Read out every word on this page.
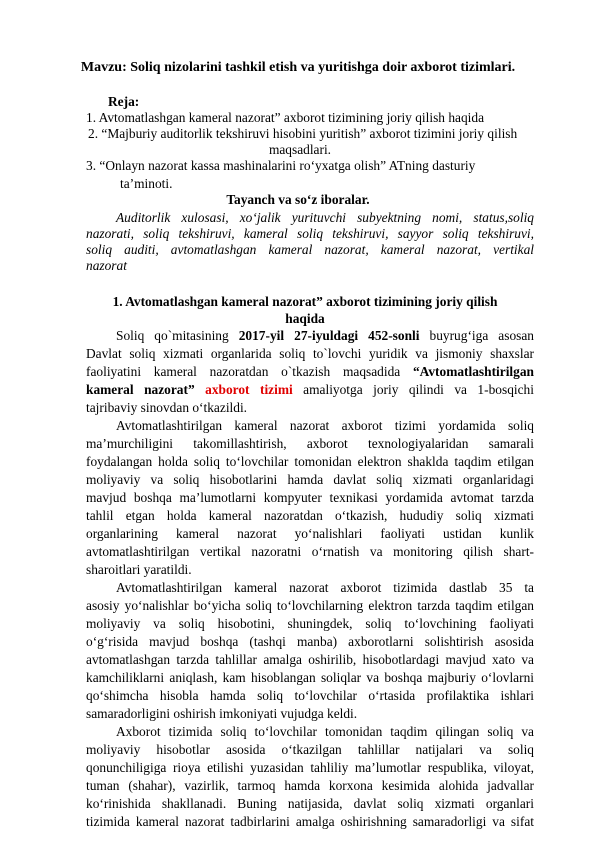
Mavzu: Soliq nizolarini tashkil etish va yuritishga doir axborot tizimlari.
Reja:
1. Avtomatlashgan kameral nazorat” axborot tizimining joriy qilish haqida
2. “Majburiy auditorlik tekshiruvi hisobini yuritish” axborot tizimini joriy qilish
maqsadlari.
3. “Onlayn nazorat kassa mashinalarini ro‘yxatga olish” ATning dasturiy
ta’minoti.
Tayanch va so‘z iboralar.
Auditorlik xulosasi, xo‘jalik yurituvchi subyektning nomi, status,soliq
nazorati, soliq tekshiruvi, kameral soliq tekshiruvi, sayyor soliq tekshiruvi,
soliq auditi, avtomatlashgan kameral nazorat, kameral nazorat, vertikal
nazorat
1. Avtomatlashgan kameral nazorat” axborot tizimining joriy qilish
haqida
Soliq qo`mitasining 2017-yil 27-iyuldagi 452-sonli buyrug‘iga asosan
Davlat soliq xizmati organlarida soliq to`lovchi yuridik va jismoniy shaxslar
faoliyatini kameral nazoratdan o`tkazish maqsadida “Avtomatlashtirilgan
kameral nazorat” axborot tizimi amaliyotga joriy qilindi va 1-bosqichi
tajribaviy sinovdan o‘tkazildi.
Avtomatlashtirilgan kameral nazorat axborot tizimi yordamida soliq
ma’murchiligini takomillashtirish, axborot texnologiyalaridan samarali
foydalangan holda soliq to‘lovchilar tomonidan elektron shaklda taqdim etilgan
moliyaviy va soliq hisobotlarini hamda davlat soliq xizmati organlaridagi
mavjud boshqa ma’lumotlarni kompyuter texnikasi yordamida avtomat tarzda
tahlil etgan holda kameral nazoratdan o‘tkazish, hududiy soliq xizmati
organlarining kameral nazorat yo‘nalishlari faoliyati ustidan kunlik
avtomatlashtirilgan vertikal nazoratni o‘rnatish va monitoring qilish shart-
sharoitlari yaratildi.
Avtomatlashtirilgan kameral nazorat axborot tizimida dastlab 35 ta
asosiy yo‘nalishlar bo‘yicha soliq to‘lovchilarning elektron tarzda taqdim etilgan
moliyaviy va soliq hisobotini, shuningdek, soliq to‘lovchining faoliyati
o‘g‘risida mavjud boshqa (tashqi manba) axborotlarni solishtirish asosida
avtomatlashgan tarzda tahlillar amalga oshirilib, hisobotlardagi mavjud xato va
kamchiliklarni aniqlash, kam hisoblangan soliqlar va boshqa majburiy o‘lovlarni
qo‘shimcha hisobla hamda soliq to‘lovchilar o‘rtasida profilaktika ishlari
samaradorligini oshirish imkoniyati vujudga keldi.
Axborot tizimida soliq to‘lovchilar tomonidan taqdim qilingan soliq va
moliyaviy hisobotlar asosida o‘tkazilgan tahlillar natijalari va soliq
qonunchiligiga rioya etilishi yuzasidan tahliliy ma’lumotlar respublika, viloyat,
tuman (shahar), vazirlik, tarmoq hamda korxona kesimida alohida jadvallar
ko‘rinishida shakllanadi. Buning natijasida, davlat soliq xizmati organlari
tizimida kameral nazorat tadbirlarini amalga oshirishning samaradorligi va sifat
